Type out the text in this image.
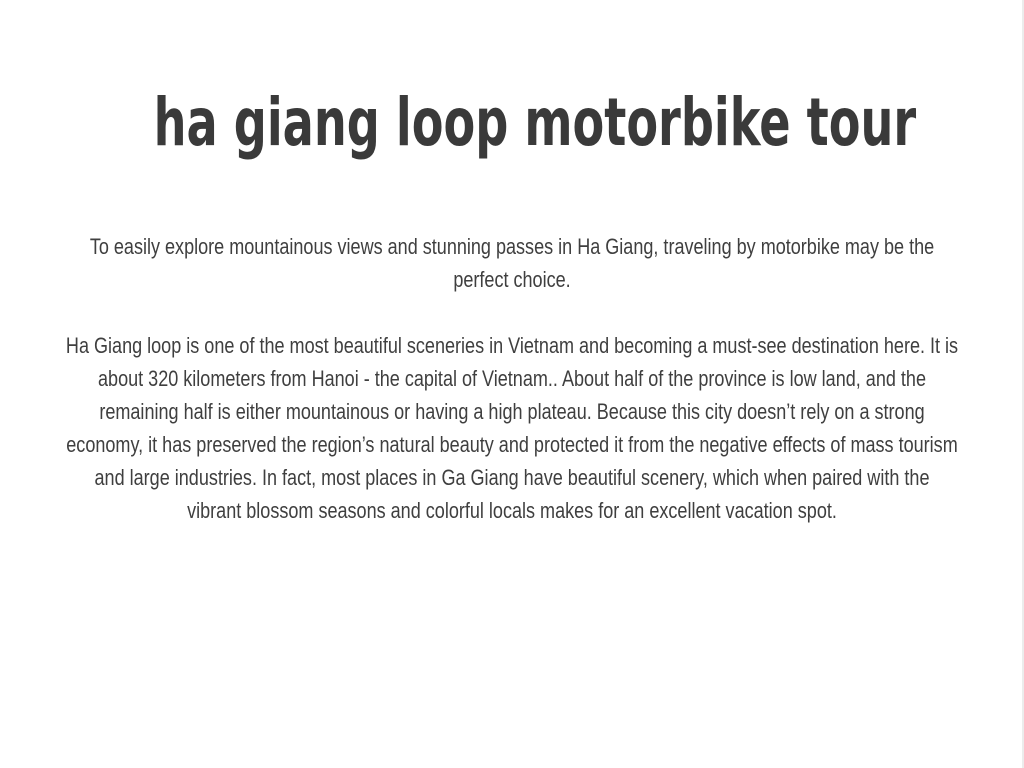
ha giang loop motorbike tour

To easily explore mountainous views and stunning passes in Ha Giang, traveling by motorbike may be the perfect choice.

Ha Giang loop is one of the most beautiful sceneries in Vietnam and becoming a must-see destination here. It is about 320 kilometers from Hanoi - the capital of Vietnam.. About half of the province is low land, and the remaining half is either mountainous or having a high plateau. Because this city doesn’t rely on a strong economy, it has preserved the region’s natural beauty and protected it from the negative effects of mass tourism and large industries. In fact, most places in Ga Giang have beautiful scenery, which when paired with the vibrant blossom seasons and colorful locals makes for an excellent vacation spot.
